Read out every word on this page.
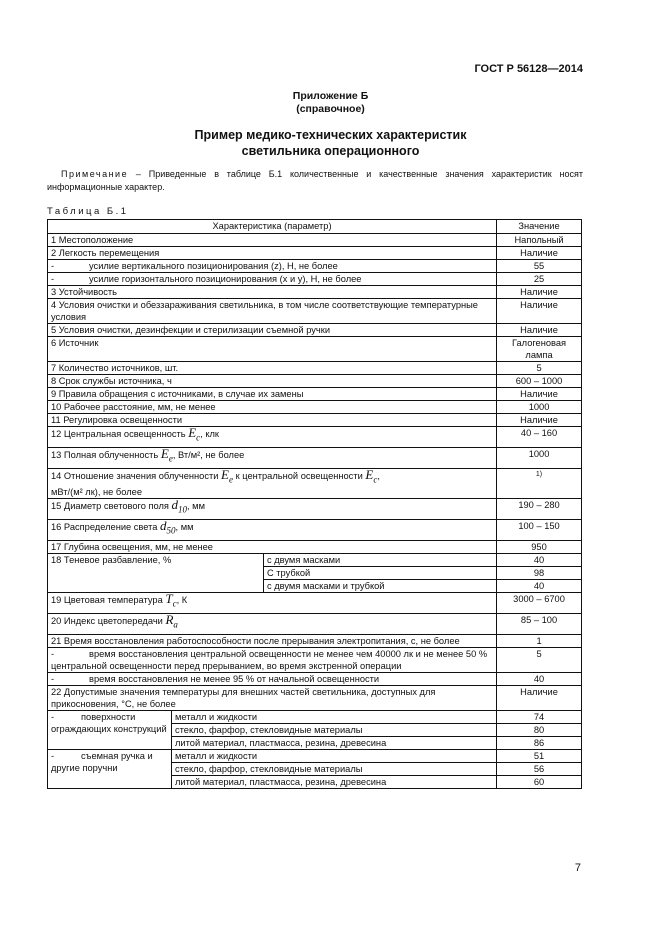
ГОСТ Р 56128—2014
Приложение Б
(справочное)
Пример медико-технических характеристик
светильника операционного
Примечание – Приведенные в таблице Б.1 количественные и качественные значения характеристик носят информационные характер.
Таблица Б.1
Характеристика (параметр)			Значение
1 Местоположение			Напольный
2 Легкость перемещения			Наличие
- усилие вертикального позиционирования (z), Н, не более			55
- усилие горизонтального позиционирования (x и y), Н, не более			25
3 Устойчивость			Наличие
4 Условия очистки и обеззараживания светильника, в том числе соответствующие температурные условия			Наличие
5 Условия очистки, дезинфекции и стерилизации съемной ручки			Наличие
6 Источник			Галогеновая лампа
7 Количество источников, шт.			5
8 Срок службы источника, ч			600 – 1000
9 Правила обращения с источниками, в случае их замены			Наличие
10 Рабочее расстояние, мм, не менее			1000
11 Регулировка освещенности			Наличие
12 Центральная освещенность $E_c$, клк			40 – 160
13 Полная облученность $E_e$, Вт/м², не более			1000
14 Отношение значения облученности $E_e$ к центральной освещенности $E_c$,
мВт/(м² лк), не более			1)
15 Диаметр светового поля $d_{10}$, мм			190 – 280
16 Распределение света $d_{50}$, мм			100 – 150
17 Глубина освещения, мм, не менее			950
18 Теневое разбавление, %		с двумя масками	40
		С трубкой	98
		с двумя масками и трубкой	40
19 Цветовая температура $T_c$, К			3000 – 6700
20 Индекс цветопередачи $R_a$			85 – 100
21 Время восстановления работоспособности после прерывания электропитания, с, не более			1
- время восстановления центральной освещенности не менее чем 40000 лк и не менее 50 % центральной освещенности перед прерыванием, во время экстренной операции			5
- время восстановления не менее 95 % от начальной освещенности			40
22 Допустимые значения температуры для внешних частей светильника, доступных для прикосновения, °С, не более			Наличие
- поверхности ограждающих конструкций	металл и жидкости		74
	стекло, фарфор, стекловидные материалы		80
	литой материал, пластмасса, резина, древесина		86
- съемная ручка и другие поручни	металл и жидкости		51
	стекло, фарфор, стекловидные материалы		56
	литой материал, пластмасса, резина, древесина		60
7
